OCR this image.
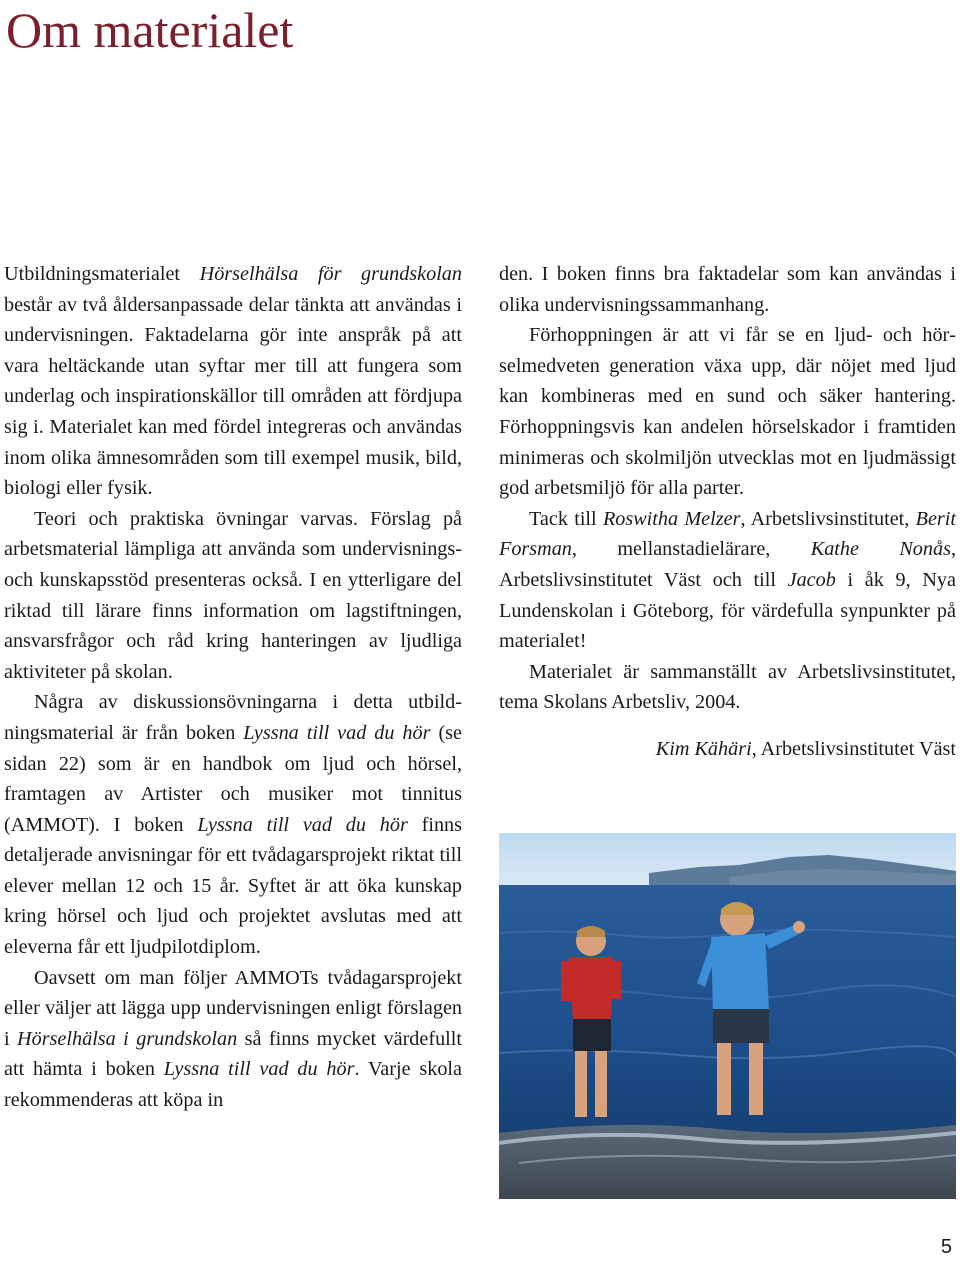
Om materialet

Utbildningsmaterialet Hörselhälsa för grundskolan består av två åldersanpassade delar tänkta att användas i undervisningen. Faktadelarna gör inte anspråk på att vara heltäckande utan syftar mer till att fungera som underlag och inspirationskällor till områden att fördjupa sig i. Materialet kan med fördel integreras och användas inom olika ämnesområden som till exempel musik, bild, biologi eller fysik.

Teori och praktiska övningar varvas. Förslag på arbetsmaterial lämpliga att använda som undervisnings- och kunskapsstöd presenteras också. I en ytterligare del riktad till lärare finns information om lagstiftningen, ansvarsfrågor och råd kring hanteringen av ljudliga aktiviteter på skolan.

Några av diskussionsövningarna i detta utbildningsmaterial är från boken Lyssna till vad du hör (se sidan 22) som är en handbok om ljud och hörsel, framtagen av Artister och musiker mot tinnitus (AMMOT). I boken Lyssna till vad du hör finns detaljerade anvisningar för ett tvådagarsprojekt riktat till elever mellan 12 och 15 år. Syftet är att öka kunskap kring hörsel och ljud och projektet avslutas med att eleverna får ett ljudpilotdiplom.

Oavsett om man följer AMMOTs tvådagarsprojekt eller väljer att lägga upp undervisningen enligt förslagen i Hörselhälsa i grundskolan så finns mycket värdefullt att hämta i boken Lyssna till vad du hör. Varje skola rekommenderas att köpa in

den. I boken finns bra faktadelar som kan användas i olika undervisningssammanhang.

Förhoppningen är att vi får se en ljud- och hörselmedveten generation växa upp, där nöjet med ljud kan kombineras med en sund och säker hantering. Förhoppningsvis kan andelen hörselskador i framtiden minimeras och skolmiljön utvecklas mot en ljudmässigt god arbetsmiljö för alla parter.

Tack till Roswitha Melzer, Arbetslivsinstitutet, Berit Forsman, mellanstadielärare, Kathe Nonås, Arbetslivsinstitutet Väst och till Jacob i åk 9, Nya Lundenskolan i Göteborg, för värdefulla synpunkter på materialet!

Materialet är sammanställt av Arbetslivsinstitutet, tema Skolans Arbetsliv, 2004.

Kim Kähäri, Arbetslivsinstitutet Väst

5
